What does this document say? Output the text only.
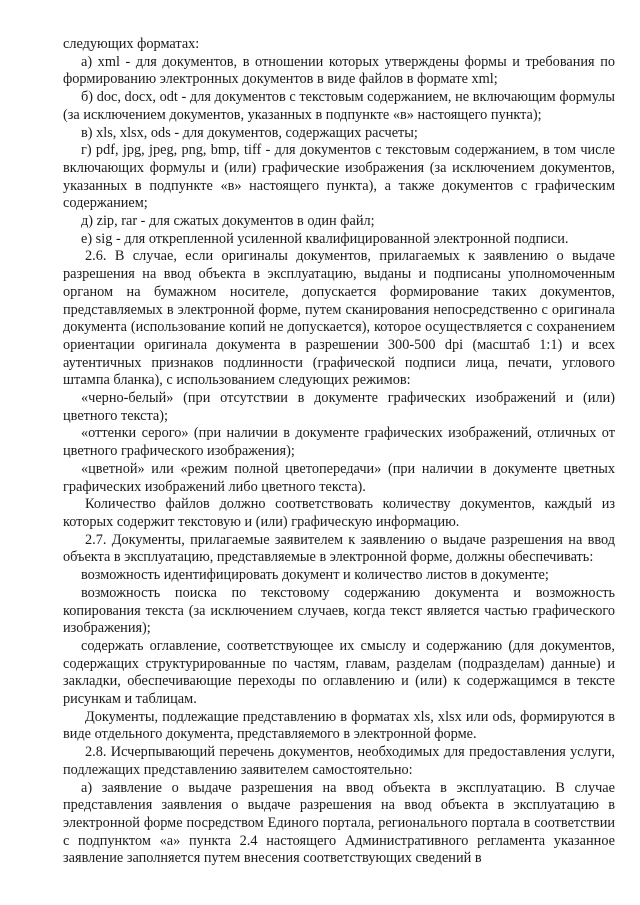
следующих форматах:

а) xml - для документов, в отношении которых утверждены формы и требования по формированию электронных документов в виде файлов в формате xml;

б) doc, docx, odt - для документов с текстовым содержанием, не включающим формулы (за исключением документов, указанных в подпункте «в» настоящего пункта);

в) xls, xlsx, ods - для документов, содержащих расчеты;

г) pdf, jpg, jpeg, png, bmp, tiff - для документов с текстовым содержанием, в том числе включающих формулы и (или) графические изображения (за исключением документов, указанных в подпункте «в» настоящего пункта), а также документов с графическим содержанием;

д) zip, rar - для сжатых документов в один файл;

е) sig - для открепленной усиленной квалифицированной электронной подписи.

2.6. В случае, если оригиналы документов, прилагаемых к заявлению о выдаче разрешения на ввод объекта в эксплуатацию, выданы и подписаны уполномоченным органом на бумажном носителе, допускается формирование таких документов, представляемых в электронной форме, путем сканирования непосредственно с оригинала документа (использование копий не допускается), которое осуществляется с сохранением ориентации оригинала документа в разрешении 300-500 dpi (масштаб 1:1) и всех аутентичных признаков подлинности (графической подписи лица, печати, углового штампа бланка), с использованием следующих режимов:

«черно-белый» (при отсутствии в документе графических изображений и (или) цветного текста);

«оттенки серого» (при наличии в документе графических изображений, отличных от цветного графического изображения);

«цветной» или «режим полной цветопередачи» (при наличии в документе цветных графических изображений либо цветного текста).

Количество файлов должно соответствовать количеству документов, каждый из которых содержит текстовую и (или) графическую информацию.

2.7. Документы, прилагаемые заявителем к заявлению о выдаче разрешения на ввод объекта в эксплуатацию, представляемые в электронной форме, должны обеспечивать:

возможность идентифицировать документ и количество листов в документе;

возможность поиска по текстовому содержанию документа и возможность копирования текста (за исключением случаев, когда текст является частью графического изображения);

содержать оглавление, соответствующее их смыслу и содержанию (для документов, содержащих структурированные по частям, главам, разделам (подразделам) данные) и закладки, обеспечивающие переходы по оглавлению и (или) к содержащимся в тексте рисункам и таблицам.

Документы, подлежащие представлению в форматах xls, xlsx или ods, формируются в виде отдельного документа, представляемого в электронной форме.

2.8. Исчерпывающий перечень документов, необходимых для предоставления услуги, подлежащих представлению заявителем самостоятельно:

а) заявление о выдаче разрешения на ввод объекта в эксплуатацию. В случае представления заявления о выдаче разрешения на ввод объекта в эксплуатацию в электронной форме посредством Единого портала, регионального портала в соответствии с подпунктом «а» пункта 2.4 настоящего Административного регламента указанное заявление заполняется путем внесения соответствующих сведений в
